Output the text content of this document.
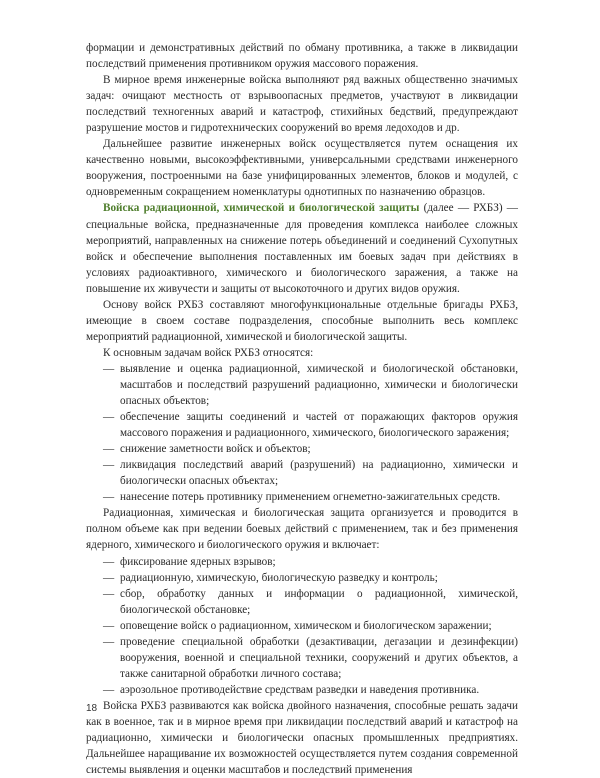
формации и демонстративных действий по обману противника, а также в ликвидации последствий применения противником оружия массового поражения.

В мирное время инженерные войска выполняют ряд важных общественно значимых задач: очищают местность от взрывоопасных предметов, участвуют в ликвидации последствий техногенных аварий и катастроф, стихийных бедствий, предупреждают разрушение мостов и гидротехнических сооружений во время ледоходов и др.

Дальнейшее развитие инженерных войск осуществляется путем оснащения их качественно новыми, высокоэффективными, универсальными средствами инженерного вооружения, построенными на базе унифицированных элементов, блоков и модулей, с одновременным сокращением номенклатуры однотипных по назначению образцов.

Войска радиационной, химической и биологической защиты (далее — РХБЗ) — специальные войска, предназначенные для проведения комплекса наиболее сложных мероприятий, направленных на снижение потерь объединений и соединений Сухопутных войск и обеспечение выполнения поставленных им боевых задач при действиях в условиях радиоактивного, химического и биологического заражения, а также на повышение их живучести и защиты от высокоточного и других видов оружия.

Основу войск РХБЗ составляют многофункциональные отдельные бригады РХБЗ, имеющие в своем составе подразделения, способные выполнить весь комплекс мероприятий радиационной, химической и биологической защиты.

К основным задачам войск РХБЗ относятся:

— выявление и оценка радиационной, химической и биологической обстановки, масштабов и последствий разрушений радиационно, химически и биологически опасных объектов;
— обеспечение защиты соединений и частей от поражающих факторов оружия массового поражения и радиационного, химического, биологического заражения;
— снижение заметности войск и объектов;
— ликвидация последствий аварий (разрушений) на радиационно, химически и биологически опасных объектах;
— нанесение потерь противнику применением огнеметно-зажигательных средств.

Радиационная, химическая и биологическая защита организуется и проводится в полном объеме как при ведении боевых действий с применением, так и без применения ядерного, химического и биологического оружия и включает:

— фиксирование ядерных взрывов;
— радиационную, химическую, биологическую разведку и контроль;
— сбор, обработку данных и информации о радиационной, химической, биологической обстановке;
— оповещение войск о радиационном, химическом и биологическом заражении;
— проведение специальной обработки (дезактивации, дегазации и дезинфекции) вооружения, военной и специальной техники, сооружений и других объектов, а также санитарной обработки личного состава;
— аэрозольное противодействие средствам разведки и наведения противника.

Войска РХБЗ развиваются как войска двойного назначения, способные решать задачи как в военное, так и в мирное время при ликвидации последствий аварий и катастроф на радиационно, химически и биологически опасных промышленных предприятиях. Дальнейшее наращивание их возможностей осуществляется путем создания современной системы выявления и оценки масштабов и последствий применения

18
